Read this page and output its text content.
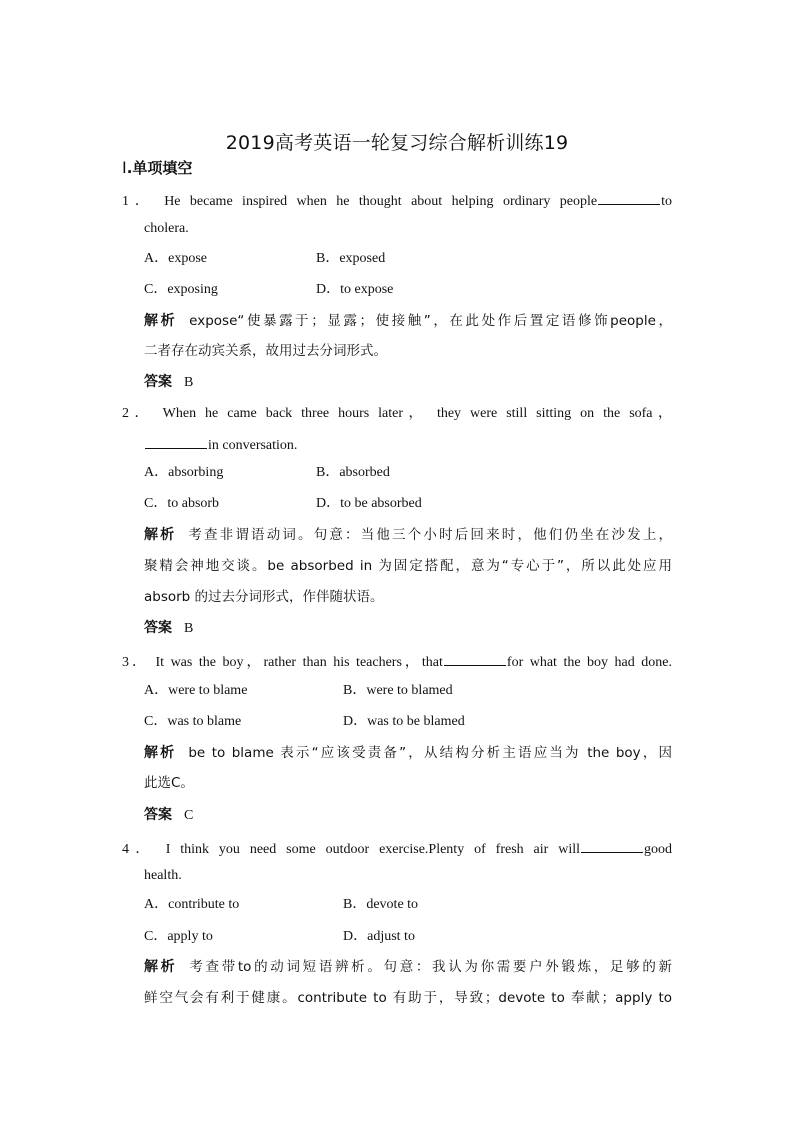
2019高考英语一轮复习综合解析训练19
Ⅰ.单项填空
1． He became inspired when he thought about helping ordinary people	to
cholera.
A．expose	B．exposed
C．exposing	D．to expose
解析 expose“使暴露于；显露；使接触”，在此处作后置定语修饰people，
二者存在动宾关系，故用过去分词形式。
答案 B
2． When he came back three hours later， they were still sitting on the sofa，
in conversation.
A．absorbing	B．absorbed
C．to absorb	D．to be absorbed
解析 考查非谓语动词。句意：当他三个小时后回来时，他们仍坐在沙发上，
聚精会神地交谈。be absorbed in 为固定搭配，意为“专心于”，所以此处应用
absorb 的过去分词形式，作伴随状语。
答案 B
3． It was the boy，rather than his teachers，that	for what the boy had done.
A．were to blame	B．were to blamed
C．was to blame	D．was to be blamed
解析 be to blame 表示“应该受责备”，从结构分析主语应当为 the boy，因
此选C。
答案 C
4． I think you need some outdoor exercise.Plenty of fresh air will	good
health.
A．contribute to	B．devote to
C．apply to	D．adjust to
解析 考查带to的动词短语辨析。句意：我认为你需要户外锻炼，足够的新
鲜空气会有利于健康。contribute to 有助于，导致；devote to 奉献；apply to
